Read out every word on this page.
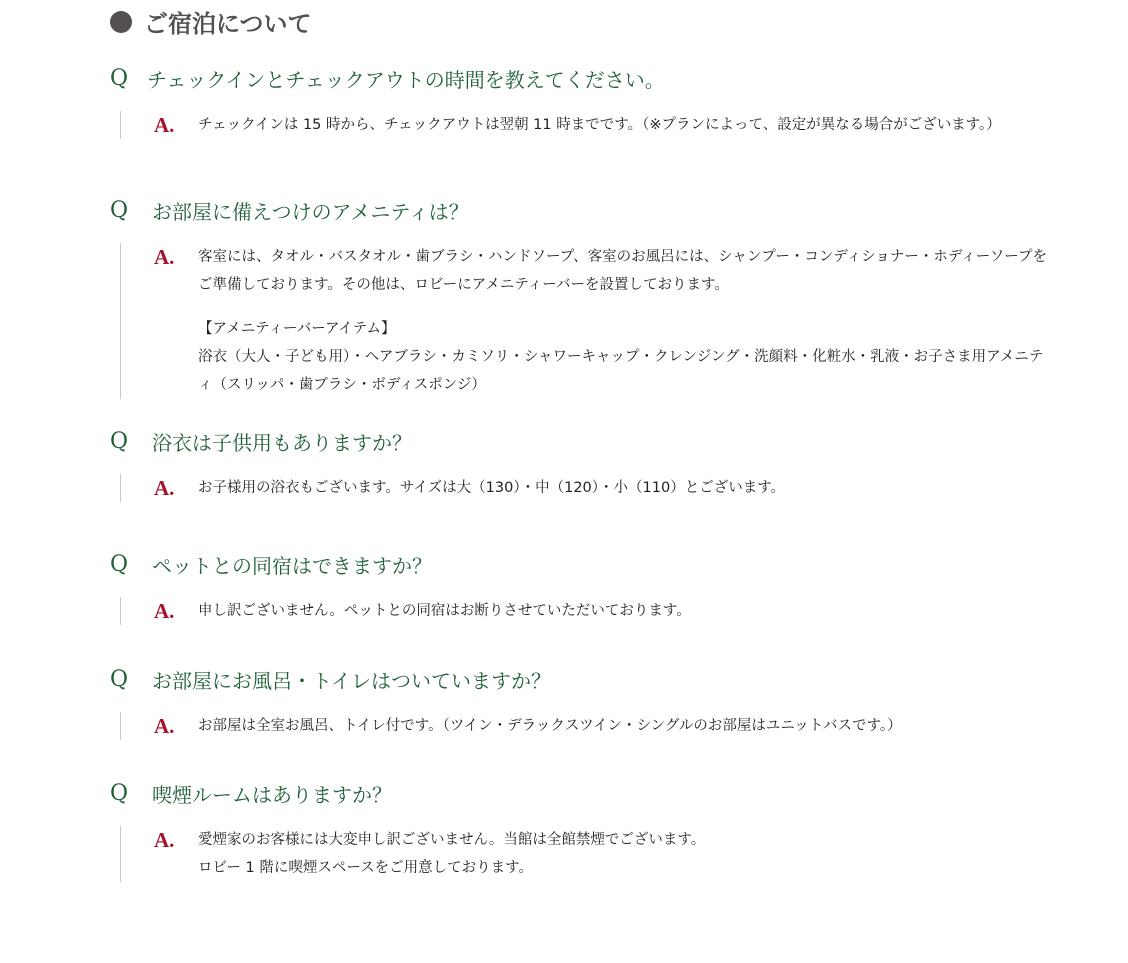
ご宿泊について
Q チェックインとチェックアウトの時間を教えてください。
A.	チェックインは 15 時から、チェックアウトは翌朝 11 時までです。（※プランによって、設定が異なる場合がございます。）

Q	お部屋に備えつけのアメニティは？
A.	客室には、タオル・バスタオル・歯ブラシ・ハンドソープ、客室のお風呂には、シャンプー・コンディショナー・ホディーソープをご準備しております。その他は、ロビーにアメニティーバーを設置しております。

【アメニティーバーアイテム】
浴衣（大人・子ども用）・ヘアブラシ・カミソリ・シャワーキャップ・クレンジング・洗顔料・化粧水・乳液・お子さま用アメニティ（スリッパ・歯ブラシ・ボディスポンジ）

Q	浴衣は子供用もありますか？
A.	お子様用の浴衣もございます。サイズは大（130）・中（120）・小（110）とございます。

Q	ペットとの同宿はできますか？
A.	申し訳ございません。ペットとの同宿はお断りさせていただいております。

Q	お部屋にお風呂・トイレはついていますか？
A.	お部屋は全室お風呂、トイレ付です。（ツイン・デラックスツイン・シングルのお部屋はユニットバスです。）

Q	喫煙ルームはありますか？
A.	愛煙家のお客様には大変申し訳ございません。当館は全館禁煙でございます。
ロビー 1 階に喫煙スペースをご用意しております。
